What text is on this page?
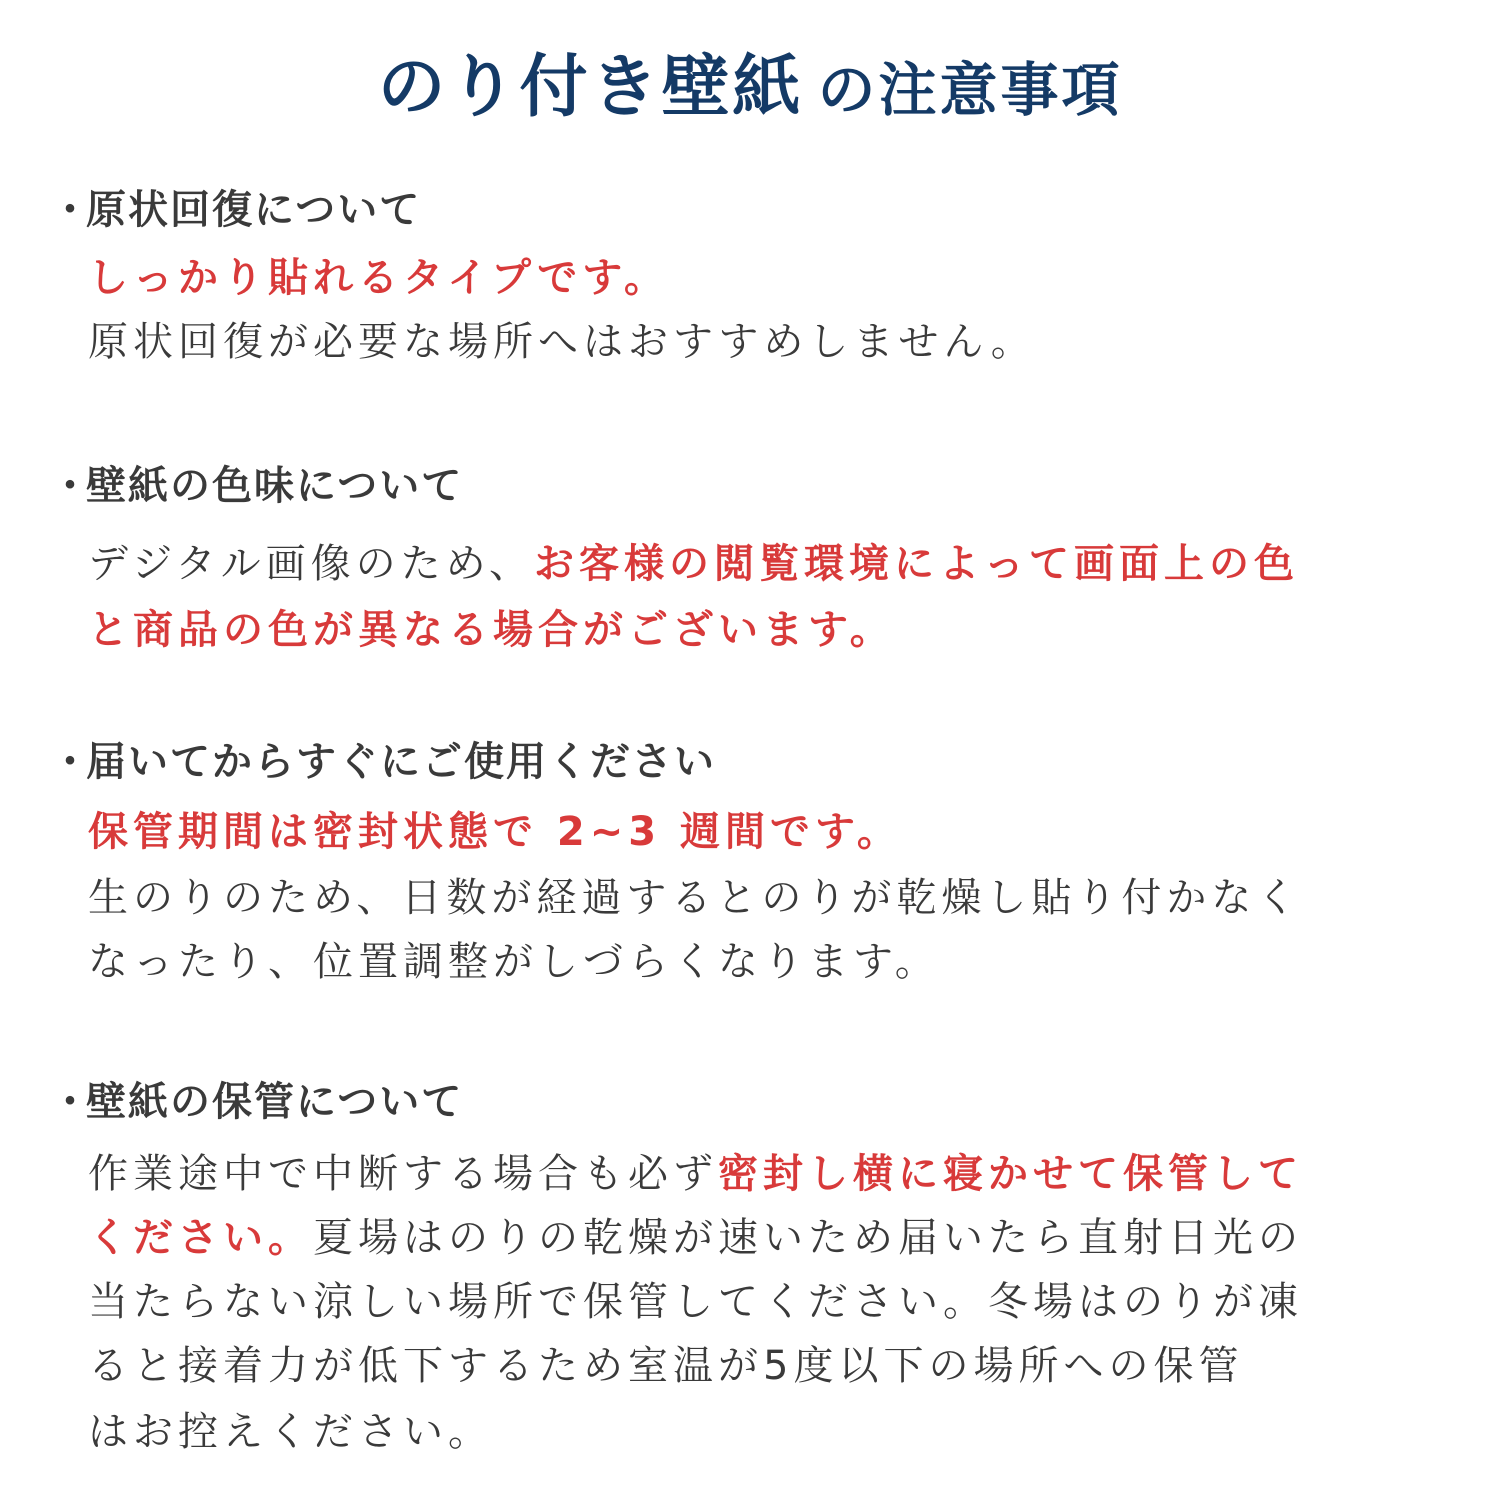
のり付き壁紙 の注意事項
・原状回復について
しっかり貼れるタイプです。
原状回復が必要な場所へはおすすめしません。
・壁紙の色味について
デジタル画像のため、お客様の閲覧環境によって画面上の色
と商品の色が異なる場合がございます。
・届いてからすぐにご使用ください
保管期間は密封状態で 2~3 週間です。
生のりのため、日数が経過するとのりが乾燥し貼り付かなく
なったり、位置調整がしづらくなります。
・壁紙の保管について
作業途中で中断する場合も必ず密封し横に寝かせて保管して
ください。夏場はのりの乾燥が速いため届いたら直射日光の
当たらない涼しい場所で保管してください。冬場はのりが凍
ると接着力が低下するため室温が5度以下の場所への保管
はお控えください。
